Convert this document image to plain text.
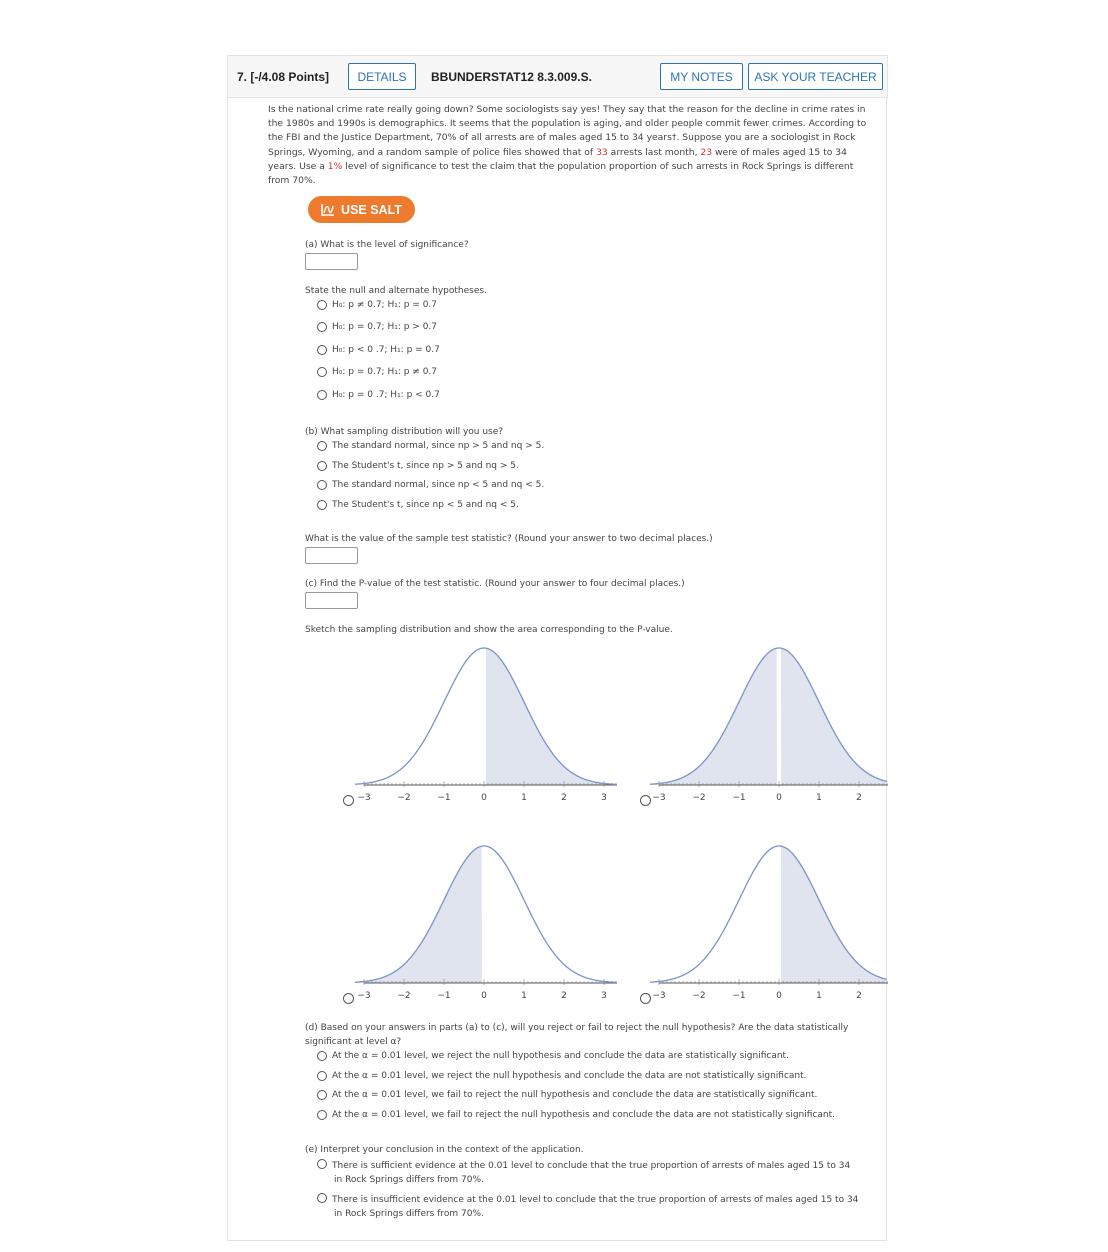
7. [-/4.08 Points]	DETAILS	BBUNDERSTAT12 8.3.009.S.	MY NOTES	ASK YOUR TEACHER
Is the national crime rate really going down? Some sociologists say yes! They say that the reason for the decline in crime rates in the 1980s and 1990s is demographics. It seems that the population is aging, and older people commit fewer crimes. According to the FBI and the Justice Department, 70% of all arrests are of males aged 15 to 34 years†. Suppose you are a sociologist in Rock Springs, Wyoming, and a random sample of police files showed that of 33 arrests last month, 23 were of males aged 15 to 34 years. Use a 1% level of significance to test the claim that the population proportion of such arrests in Rock Springs is different from 70%.
USE SALT
(a) What is the level of significance?
State the null and alternate hypotheses.
H₀: p ≠ 0.7; H₁: p = 0.7
H₀: p = 0.7; H₁: p > 0.7
H₀: p < 0 .7; H₁: p = 0.7
H₀: p = 0.7; H₁: p ≠ 0.7
H₀: p = 0 .7; H₁: p < 0.7
(b) What sampling distribution will you use?
The standard normal, since np > 5 and nq > 5.
The Student's t, since np > 5 and nq > 5.
The standard normal, since np < 5 and nq < 5.
The Student's t, since np < 5 and nq < 5.
What is the value of the sample test statistic? (Round your answer to two decimal places.)
(c) Find the P-value of the test statistic. (Round your answer to four decimal places.)
Sketch the sampling distribution and show the area corresponding to the P-value.
−3	−2	−1	0	1	2	3	−3	−2	−1	0	1	2
−3	−2	−1	0	1	2	3	−3	−2	−1	0	1	2
(d) Based on your answers in parts (a) to (c), will you reject or fail to reject the null hypothesis? Are the data statistically
significant at level α?
At the α = 0.01 level, we reject the null hypothesis and conclude the data are statistically significant.
At the α = 0.01 level, we reject the null hypothesis and conclude the data are not statistically significant.
At the α = 0.01 level, we fail to reject the null hypothesis and conclude the data are statistically significant.
At the α = 0.01 level, we fail to reject the null hypothesis and conclude the data are not statistically significant.
(e) Interpret your conclusion in the context of the application.
There is sufficient evidence at the 0.01 level to conclude that the true proportion of arrests of males aged 15 to 34
in Rock Springs differs from 70%.
There is insufficient evidence at the 0.01 level to conclude that the true proportion of arrests of males aged 15 to 34
in Rock Springs differs from 70%.
